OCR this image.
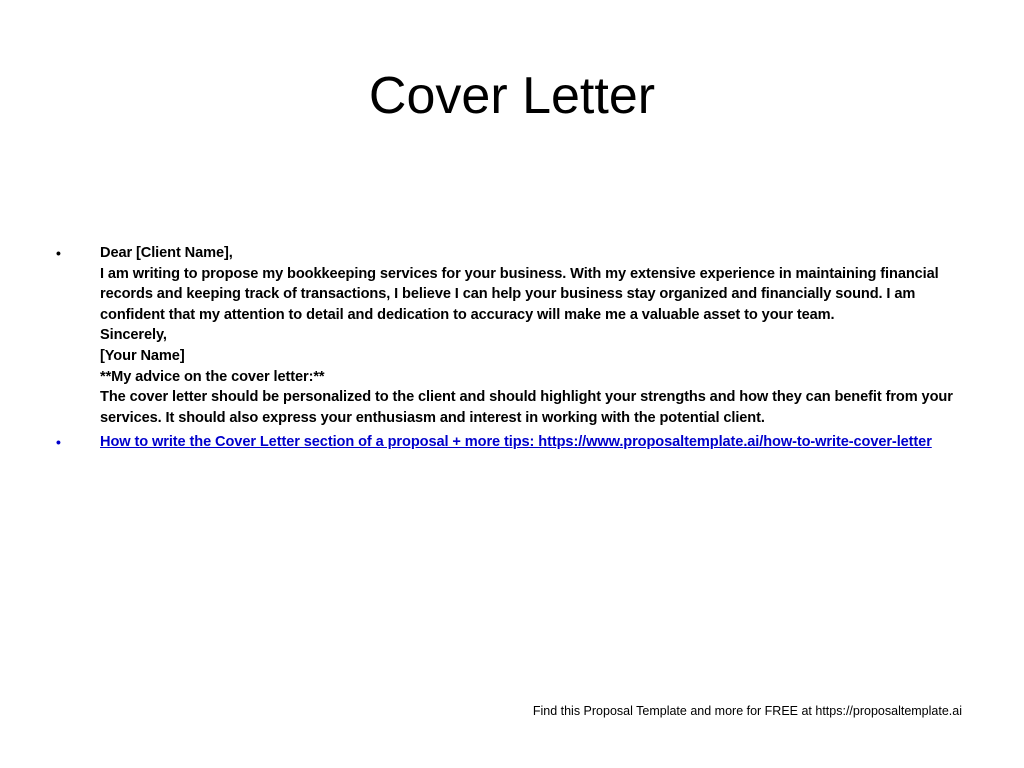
Cover Letter
•	Dear [Client Name],
I am writing to propose my bookkeeping services for your business. With my extensive experience in maintaining financial records and keeping track of transactions, I believe I can help your business stay organized and financially sound. I am confident that my attention to detail and dedication to accuracy will make me a valuable asset to your team.
Sincerely,
[Your Name]
**My advice on the cover letter:**
The cover letter should be personalized to the client and should highlight your strengths and how they can benefit from your services. It should also express your enthusiasm and interest in working with the potential client.
•	How to write the Cover Letter section of a proposal + more tips: https://www.proposaltemplate.ai/how-to-write-cover-letter
Find this Proposal Template and more for FREE at https://proposaltemplate.ai
